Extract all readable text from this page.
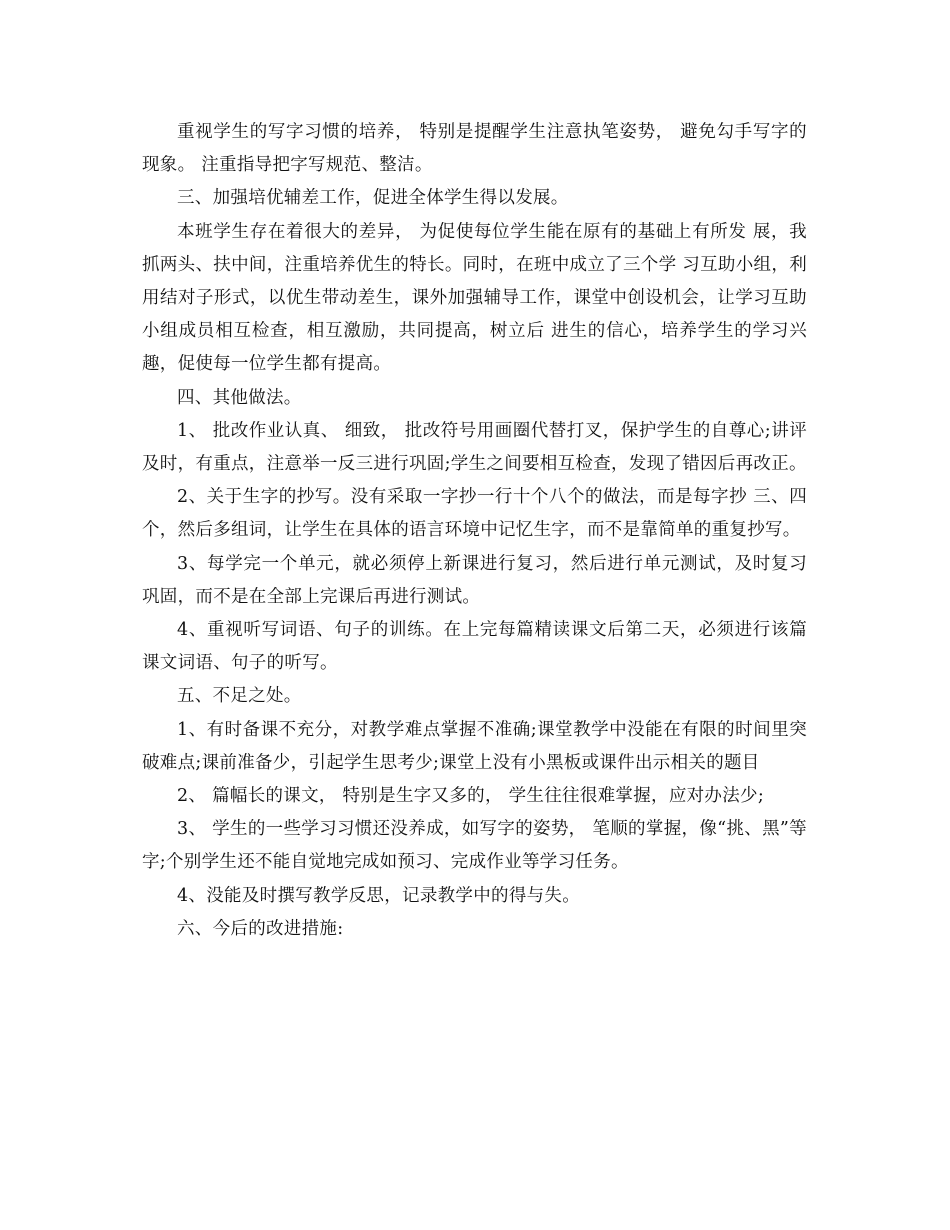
重视学生的写字习惯的培养， 特别是提醒学生注意执笔姿势， 避免勾手写字的现象。 注重指导把字写规范、整洁。

三、加强培优辅差工作，促进全体学生得以发展。

本班学生存在着很大的差异， 为促使每位学生能在原有的基础上有所发 展，我抓两头、扶中间，注重培养优生的特长。同时，在班中成立了三个学 习互助小组，利用结对子形式，以优生带动差生，课外加强辅导工作，课堂中创设机会，让学习互助小组成员相互检查，相互激励，共同提高，树立后 进生的信心，培养学生的学习兴趣，促使每一位学生都有提高。

四、其他做法。

1、 批改作业认真、 细致， 批改符号用画圈代替打叉，保护学生的自尊心;讲评及时，有重点，注意举一反三进行巩固;学生之间要相互检查，发现了错因后再改正。

2、关于生字的抄写。没有采取一字抄一行十个八个的做法，而是每字抄 三、四个，然后多组词，让学生在具体的语言环境中记忆生字，而不是靠简单的重复抄写。

3、每学完一个单元，就必须停上新课进行复习，然后进行单元测试，及时复习巩固，而不是在全部上完课后再进行测试。

4、重视听写词语、句子的训练。在上完每篇精读课文后第二天，必须进行该篇课文词语、句子的听写。

五、不足之处。

1、有时备课不充分，对教学难点掌握不准确;课堂教学中没能在有限的时间里突破难点;课前准备少，引起学生思考少;课堂上没有小黑板或课件出示相关的题目

2、 篇幅长的课文， 特别是生字又多的， 学生往往很难掌握，应对办法少;

3、 学生的一些学习习惯还没养成，如写字的姿势， 笔顺的掌握，像“挑、黑”等字;个别学生还不能自觉地完成如预习、完成作业等学习任务。

4、没能及时撰写教学反思，记录教学中的得与失。

六、今后的改进措施:
